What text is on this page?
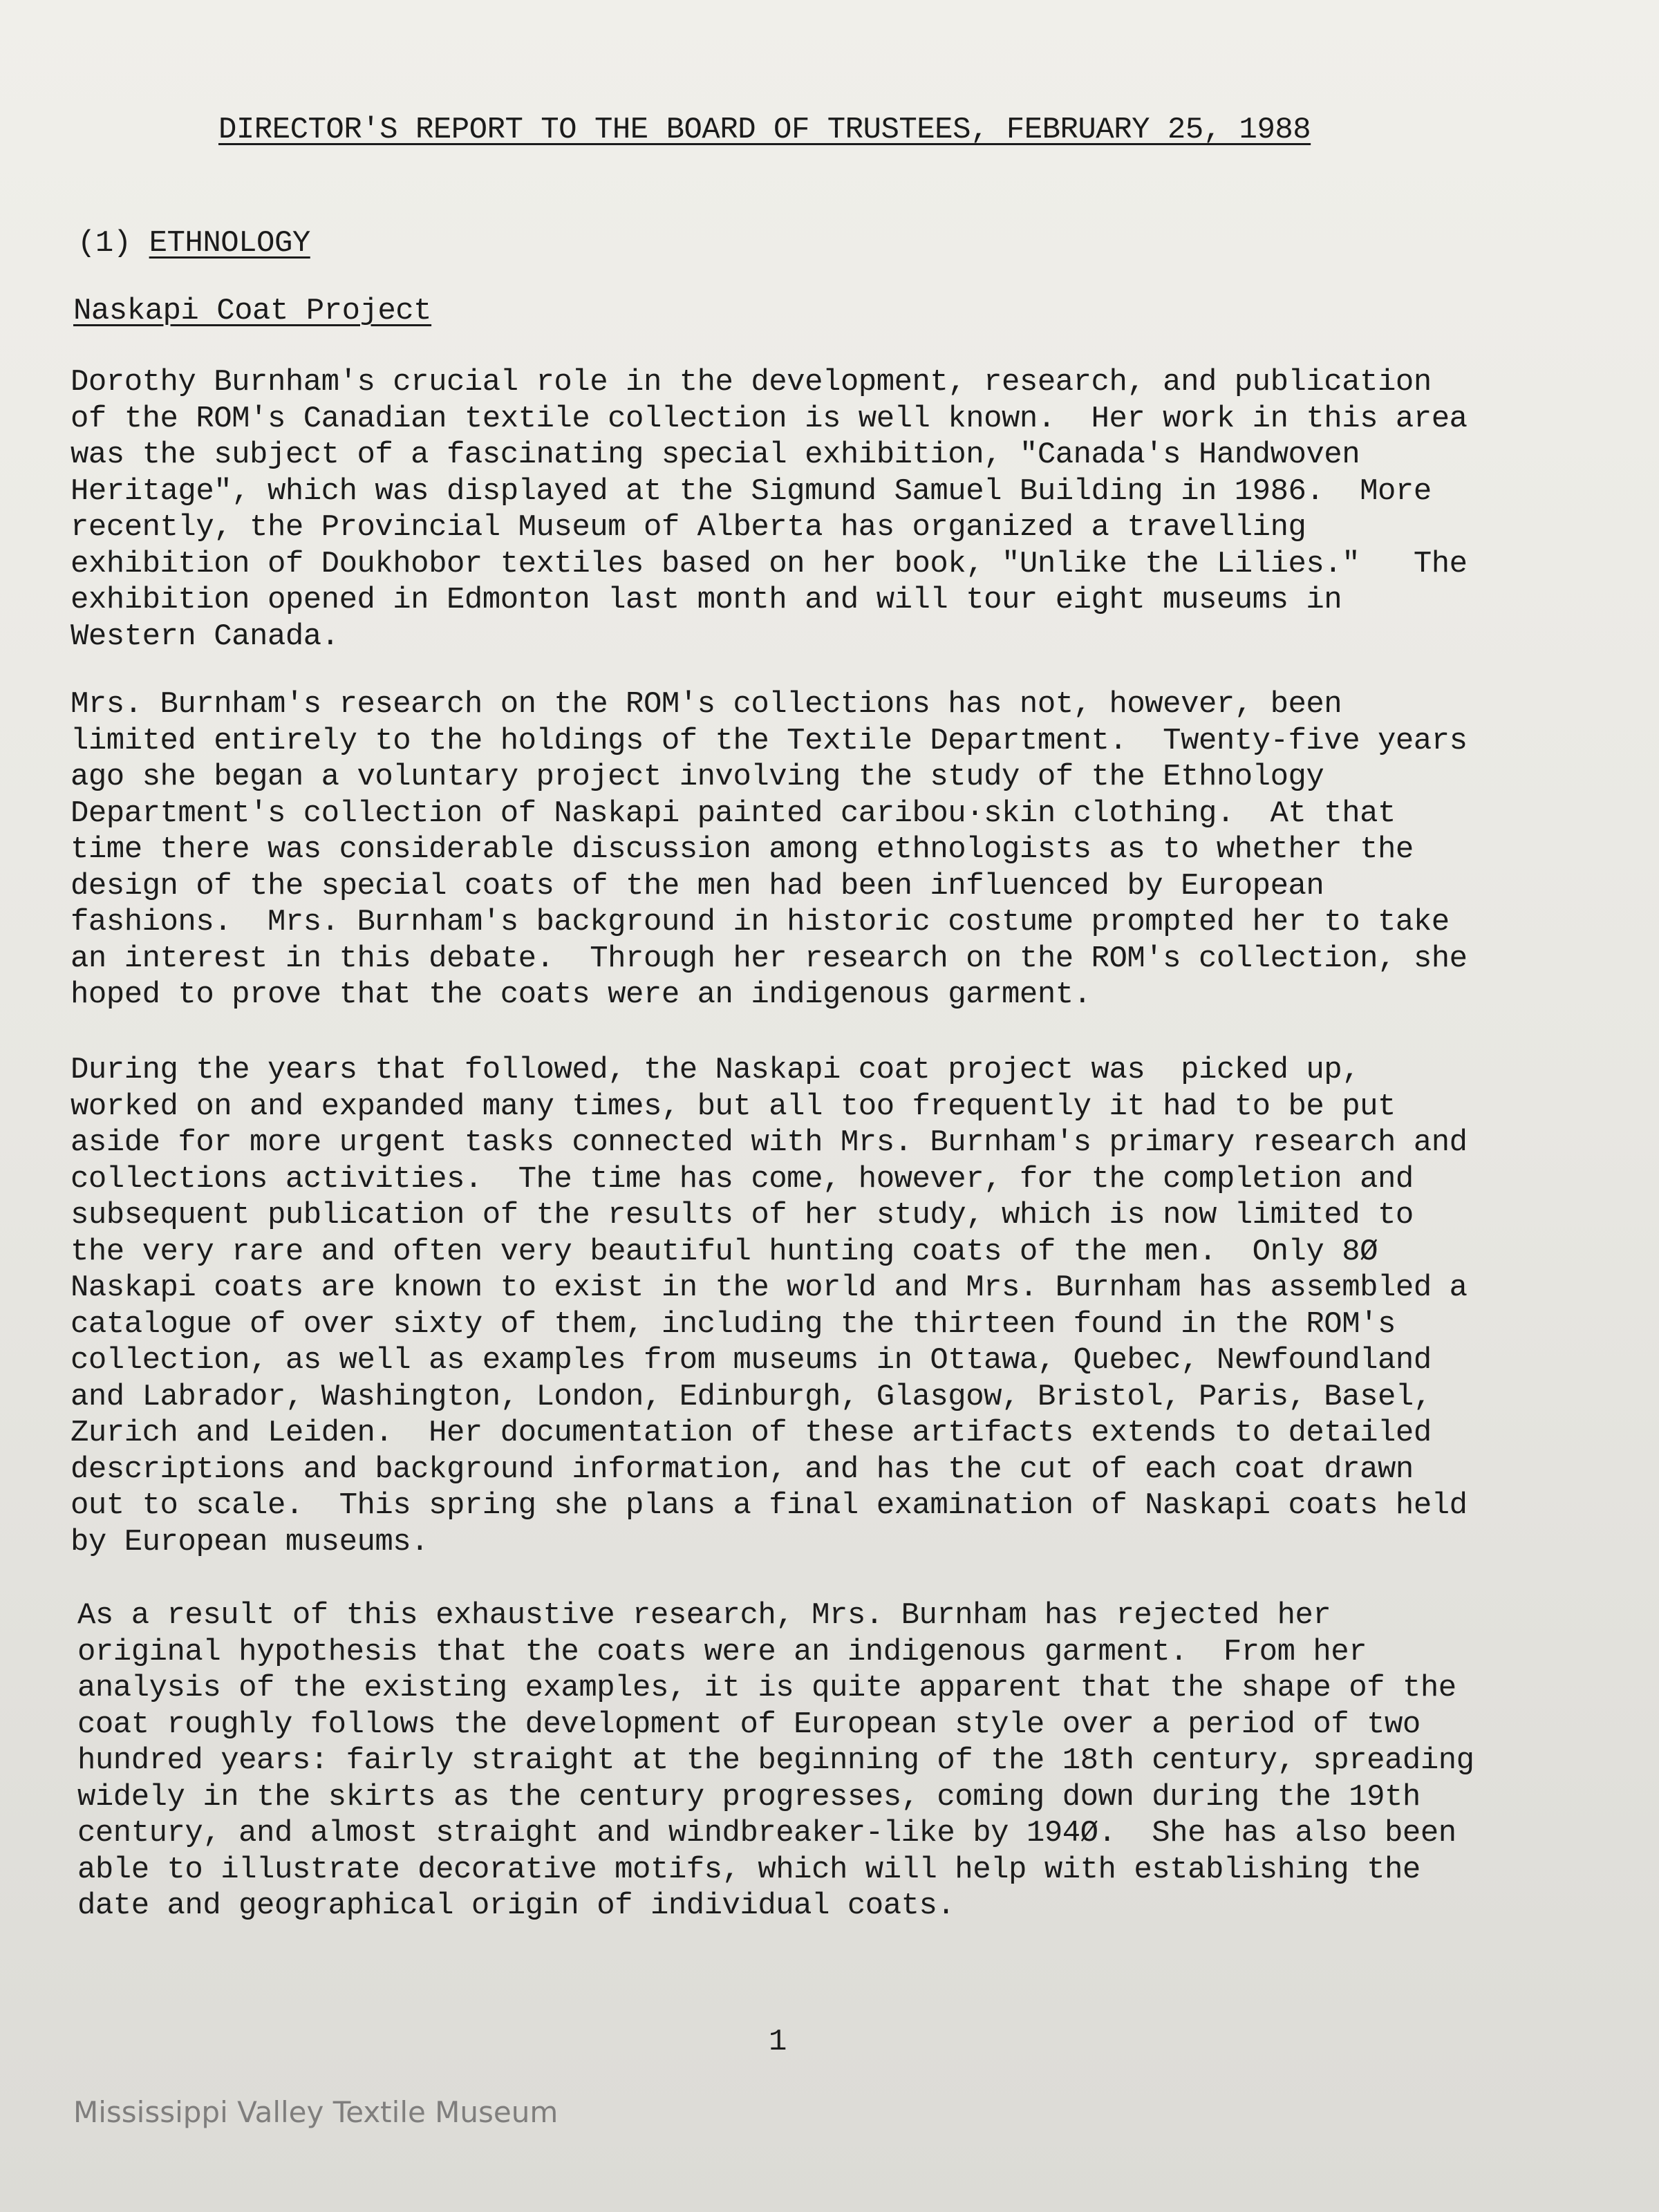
DIRECTOR'S REPORT TO THE BOARD OF TRUSTEES, FEBRUARY 25, 1988
(1) ETHNOLOGY
Naskapi Coat Project
Dorothy Burnham's crucial role in the development, research, and publication
of the ROM's Canadian textile collection is well known.  Her work in this area
was the subject of a fascinating special exhibition, "Canada's Handwoven
Heritage", which was displayed at the Sigmund Samuel Building in 1986.  More
recently, the Provincial Museum of Alberta has organized a travelling
exhibition of Doukhobor textiles based on her book, "Unlike the Lilies."   The
exhibition opened in Edmonton last month and will tour eight museums in
Western Canada.
Mrs. Burnham's research on the ROM's collections has not, however, been
limited entirely to the holdings of the Textile Department.  Twenty-five years
ago she began a voluntary project involving the study of the Ethnology
Department's collection of Naskapi painted caribou·skin clothing.  At that
time there was considerable discussion among ethnologists as to whether the
design of the special coats of the men had been influenced by European
fashions.  Mrs. Burnham's background in historic costume prompted her to take
an interest in this debate.  Through her research on the ROM's collection, she
hoped to prove that the coats were an indigenous garment.
During the years that followed, the Naskapi coat project was  picked up,
worked on and expanded many times, but all too frequently it had to be put
aside for more urgent tasks connected with Mrs. Burnham's primary research and
collections activities.  The time has come, however, for the completion and
subsequent publication of the results of her study, which is now limited to
the very rare and often very beautiful hunting coats of the men.  Only 8Ø
Naskapi coats are known to exist in the world and Mrs. Burnham has assembled a
catalogue of over sixty of them, including the thirteen found in the ROM's
collection, as well as examples from museums in Ottawa, Quebec, Newfoundland
and Labrador, Washington, London, Edinburgh, Glasgow, Bristol, Paris, Basel,
Zurich and Leiden.  Her documentation of these artifacts extends to detailed
descriptions and background information, and has the cut of each coat drawn
out to scale.  This spring she plans a final examination of Naskapi coats held
by European museums.
As a result of this exhaustive research, Mrs. Burnham has rejected her
original hypothesis that the coats were an indigenous garment.  From her
analysis of the existing examples, it is quite apparent that the shape of the
coat roughly follows the development of European style over a period of two
hundred years: fairly straight at the beginning of the 18th century, spreading
widely in the skirts as the century progresses, coming down during the 19th
century, and almost straight and windbreaker-like by 194Ø.  She has also been
able to illustrate decorative motifs, which will help with establishing the
date and geographical origin of individual coats.
1
Mississippi Valley Textile Museum
